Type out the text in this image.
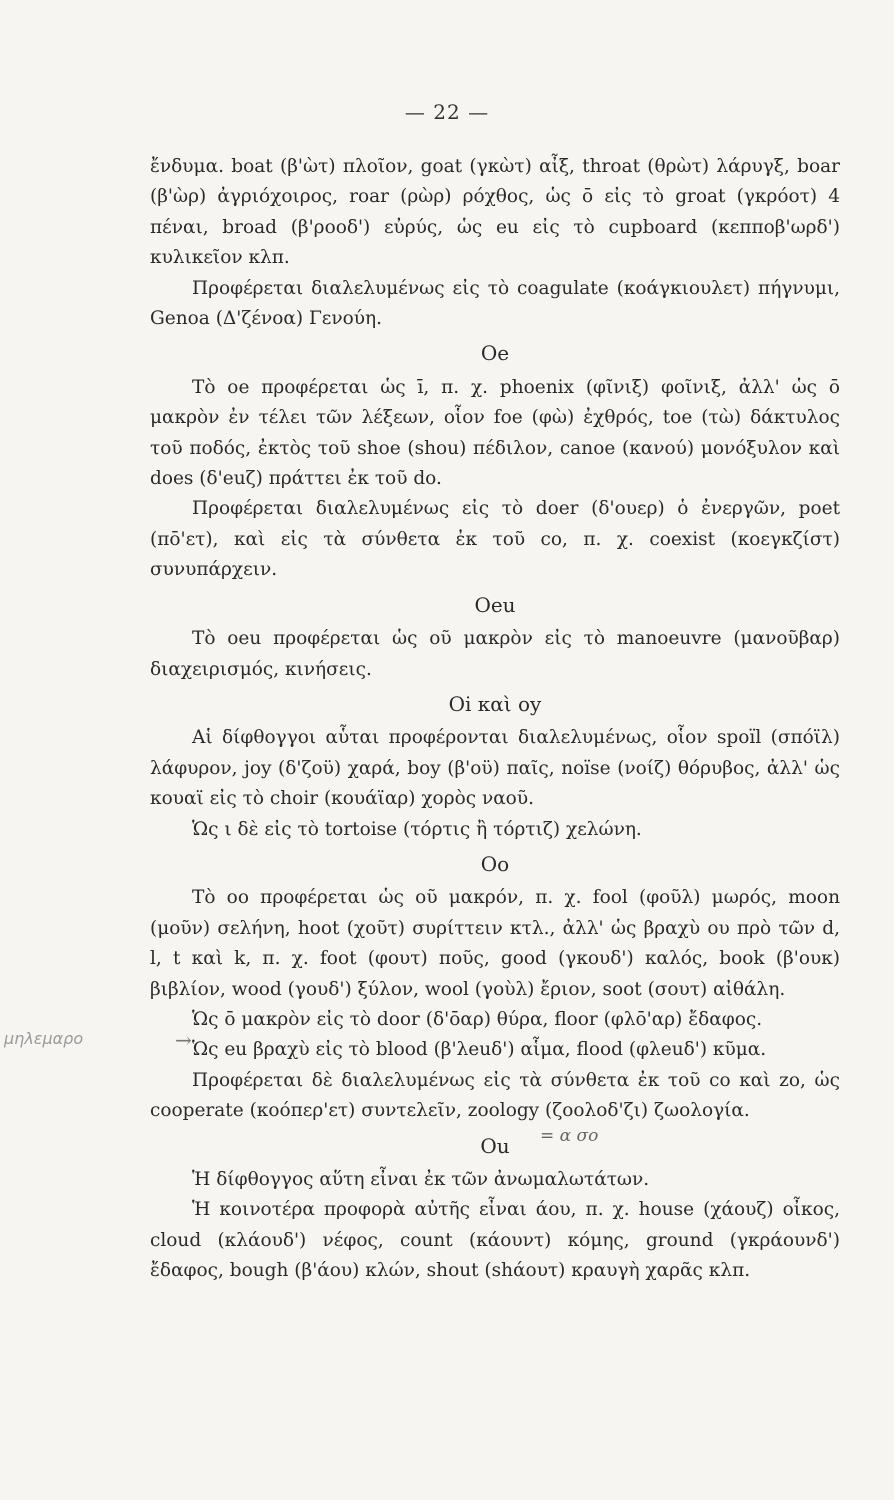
— 22 —

ἔνδυμα. boat (β'ὼτ) πλοῖον, goat (γκὼτ) αἶξ, throat (θρὼτ) λάρυγξ, boar (β'ὼρ) ἀγριόχοιρος, roar (ρὼρ) ρόχθος, ὡς ō εἰς τὸ groat (γκρόοτ) 4 πέναι, broad (β'ροοδ') εὐρύς, ὡς eu εἰς τὸ cupboard (κεπποβ'ωρδ') κυλικεῖον κλπ.

Προφέρεται διαλελυμένως εἰς τὸ coagulate (κοάγκιουλετ) πήγνυμι, Genoa (Δ'ζένοα) Γενούη.

Oe

Τὸ oe προφέρεται ὡς ī, π. χ. phoenix (φῖνιξ) φοῖνιξ, ἀλλ' ὡς ō μακρὸν ἐν τέλει τῶν λέξεων, οἷον foe (φὼ) ἐχθρός, toe (τὼ) δάκτυλος τοῦ ποδός, ἐκτὸς τοῦ shoe (shou) πέδιλον, canoe (κανού) μονόξυλον καὶ does (δ'euζ) πράττει ἐκ τοῦ do.

Προφέρεται διαλελυμένως εἰς τὸ doer (δ'ουερ) ὁ ἐνεργῶν, poet (πō'ετ), καὶ εἰς τὰ σύνθετα ἐκ τοῦ co, π. χ. coexist (κοεγκζίστ) συνυπάρχειν.

Oeu

Τὸ oeu προφέρεται ὡς οῦ μακρὸν εἰς τὸ manoeuvre (μανοῦβαρ) διαχειρισμός, κινήσεις.

Oi καὶ oy

Αἱ δίφθογγοι αὗται προφέρονται διαλελυμένως, οἷον spoïl (σπόϊλ) λάφυρον, joy (δ'ζοϋ) χαρά, boy (β'οϋ) παῖς, noïse (νοίζ) θόρυβος, ἀλλ' ὡς κουαϊ εἰς τὸ choir (κουάϊαρ) χορὸς ναοῦ.

Ὡς ι δὲ εἰς τὸ tortoise (τόρτις ἢ τόρτιζ) χελώνη.

Oo

Τὸ oo προφέρεται ὡς οῦ μακρόν, π. χ. fool (φοῦλ) μωρός, moon (μοῦν) σελήνη, hoot (χοῦτ) συρίττειν κτλ., ἀλλ' ὡς βραχὺ ου πρὸ τῶν d, l, t καὶ k, π. χ. foot (φουτ) ποῦς, good (γκουδ') καλός, book (β'ουκ) βιβλίον, wood (γουδ') ξύλον, wool (γοὺλ) ἔριον, soot (σουτ) αἰθάλη.

Ὡς ō μακρὸν εἰς τὸ door (δ'ōαρ) θύρα, floor (φλō'αρ) ἔδαφος.

Ὡς eu βραχὺ εἰς τὸ blood (β'λeuδ') αἷμα, flood (φλeuδ') κῦμα.

Προφέρεται δὲ διαλελυμένως εἰς τὰ σύνθετα ἐκ τοῦ co καὶ zo, ὡς cooperate (κοόπερ'ετ) συντελεῖν, zoology (ζοολοδ'ζι) ζωολογία.

Ou

Ἡ δίφθογγος αὕτη εἶναι ἐκ τῶν ἀνωμαλωτάτων.

Ἡ κοινοτέρα προφορὰ αὐτῆς εἶναι άου, π. χ. house (χάουζ) οἶκος, cloud (κλάουδ') νέφος, count (κάουντ) κόμης, ground (γκράουνδ') ἔδαφος, bough (β'άου) κλών, shout (shάουτ) κραυγὴ χαρᾶς κλπ.

μηλεμαρο	→
= α σο
